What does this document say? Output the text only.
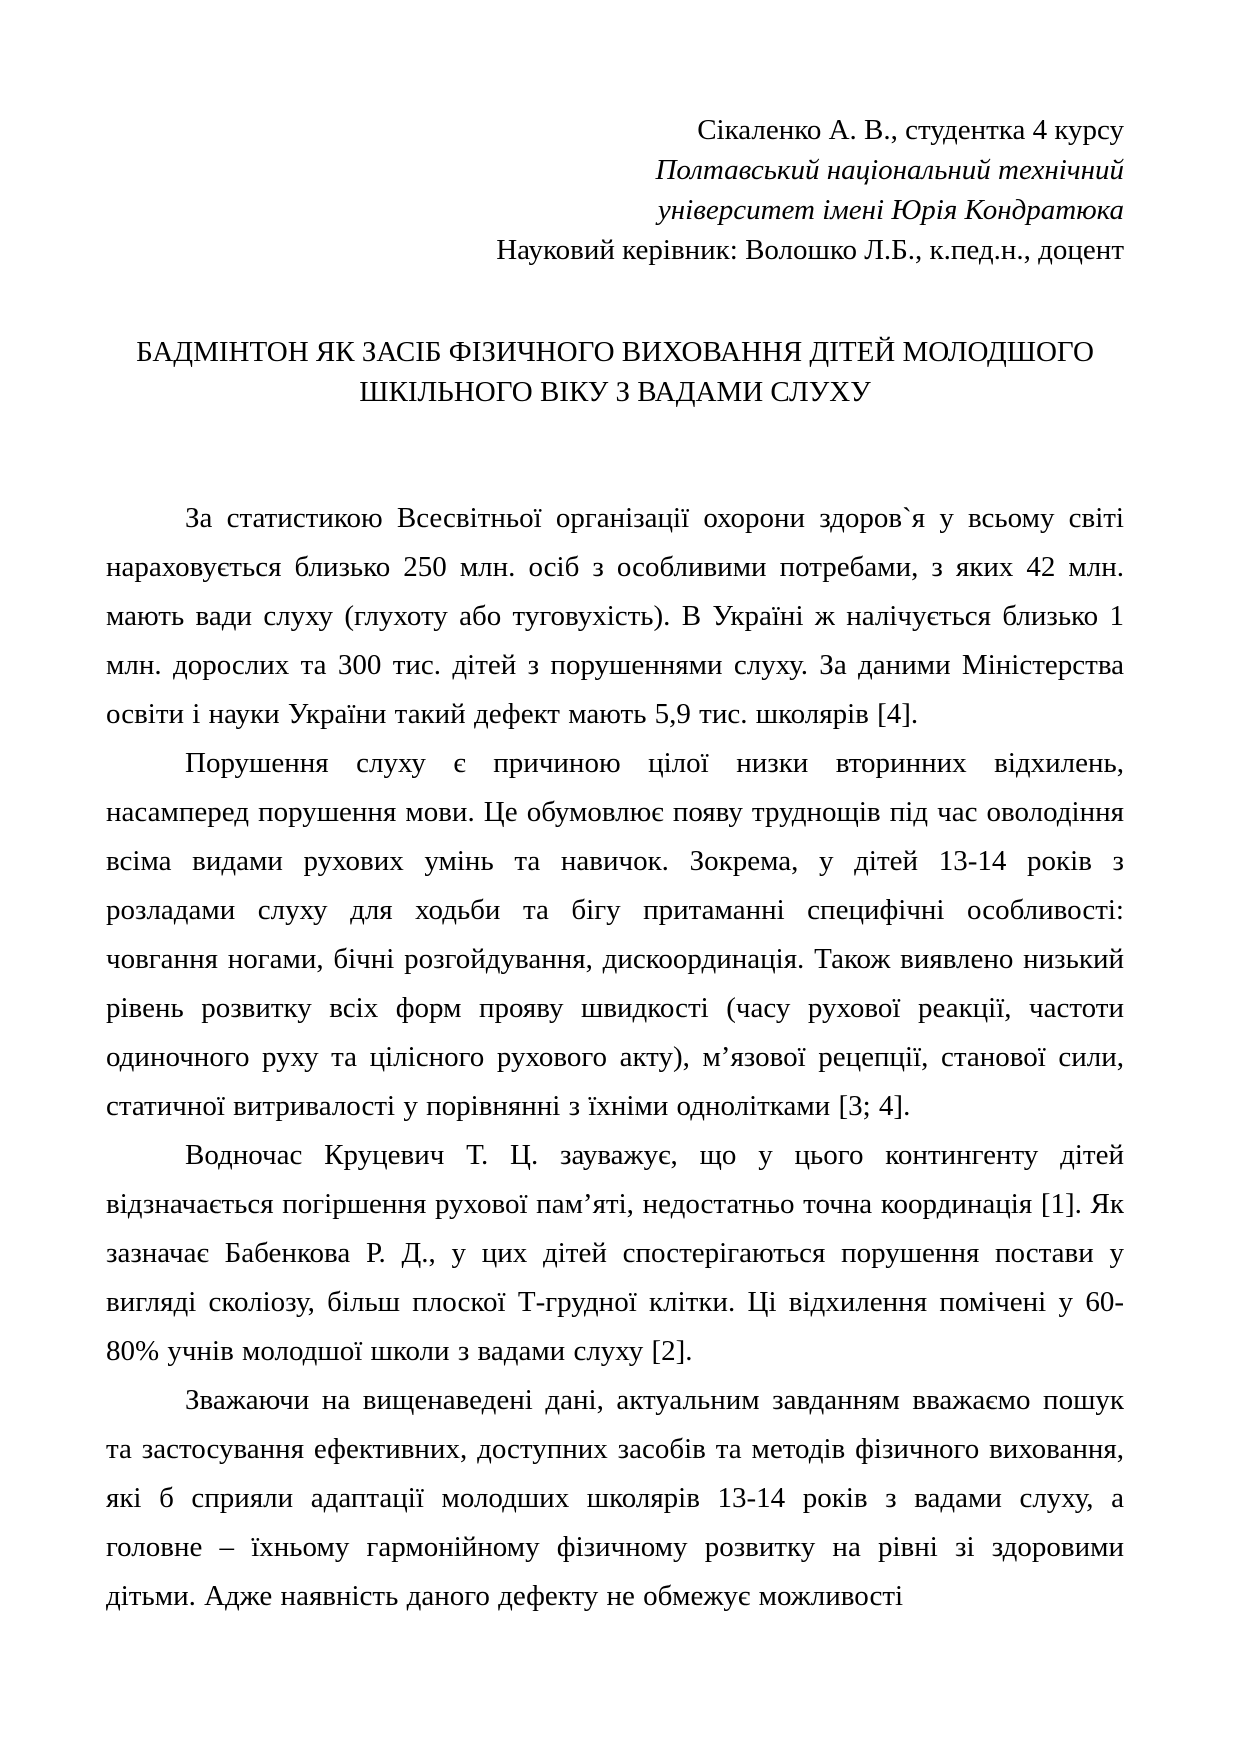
Сікаленко А. В., студентка 4 курсу

Полтавський національний технічний

університет імені Юрія Кондратюка

Науковий керівник: Волошко Л.Б., к.пед.н., доцент

БАДМІНТОН ЯК ЗАСІБ ФІЗИЧНОГО ВИХОВАННЯ ДІТЕЙ МОЛОДШОГО ШКІЛЬНОГО ВІКУ З ВАДАМИ СЛУХУ

За статистикою Всесвітньої організації охорони здоров`я у всьому світі нараховується близько 250 млн. осіб з особливими потребами, з яких 42 млн. мають вади слуху (глухоту або туговухість). В Україні ж налічується близько 1 млн. дорослих та 300 тис. дітей з порушеннями слуху. За даними Міністерства освіти і науки України такий дефект мають 5,9 тис. школярів [4].

Порушення слуху є причиною цілої низки вторинних відхилень, насамперед порушення мови. Це обумовлює появу труднощів під час оволодіння всіма видами рухових умінь та навичок. Зокрема, у дітей 13-14 років з розладами слуху для ходьби та бігу притаманні специфічні особливості: човгання ногами, бічні розгойдування, дискоординація. Також виявлено низький рівень розвитку всіх форм прояву швидкості (часу рухової реакції, частоти одиночного руху та цілісного рухового акту), м’язової рецепції, станової сили, статичної витривалості у порівнянні з їхніми однолітками [3; 4].

Водночас Круцевич Т. Ц. зауважує, що у цього контингенту дітей відзначається погіршення рухової пам’яті, недостатньо точна координація [1]. Як зазначає Бабенкова Р. Д., у цих дітей спостерігаються порушення постави у вигляді сколіозу, більш плоскої Т-грудної клітки. Ці відхилення помічені у 60-80% учнів молодшої школи з вадами слуху [2].

Зважаючи на вищенаведені дані, актуальним завданням вважаємо пошук та застосування ефективних, доступних засобів та методів фізичного виховання, які б сприяли адаптації молодших школярів 13-14 років з вадами слуху, а головне – їхньому гармонійному фізичному розвитку на рівні зі здоровими дітьми. Адже наявність даного дефекту не обмежує можливості
